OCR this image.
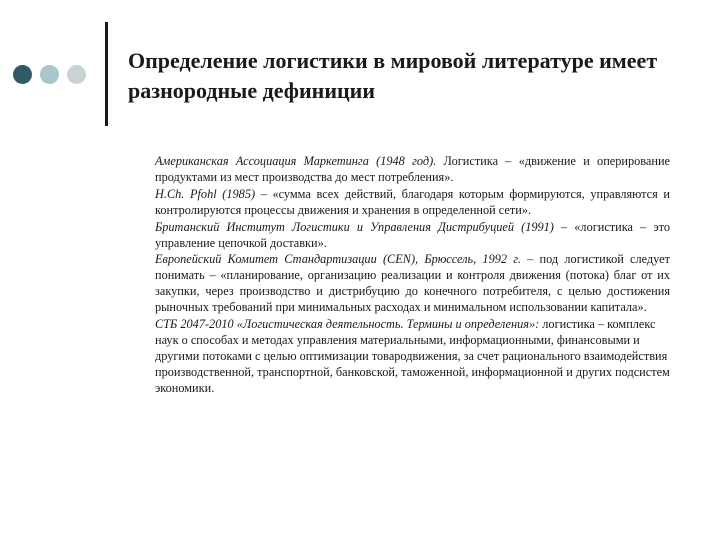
Определение логистики в мировой литературе имеет разнородные дефиниции

Американская Ассоциация Маркетинга (1948 год). Логистика – «движение и оперирование продуктами из мест производства до мест потребления».

H.Ch. Pfohl (1985) – «сумма всех действий, благодаря которым формируются, управляются и контролируются процессы движения и хранения в определенной сети».

Британский Институт Логистики и Управления Дистрибуцией (1991) – «логистика – это управление цепочкой доставки».

Европейский Комитет Стандартизации (CEN), Брюссель, 1992 г. – под логистикой следует понимать – «планирование, организацию реализации и контроля движения (потока) благ от их закупки, через производство и дистрибуцию до конечного потребителя, с целью достижения рыночных требований при минимальных расходах и минимальном использовании капитала».

СТБ 2047-2010 «Логистическая деятельность. Термины и определения»: логистика – комплекс наук о способах и методах управления материальными, информационными, финансовыми и другими потоками с целью оптимизации товародвижения, за счет рационального взаимодействия производственной, транспортной, банковской, таможенной, информационной и других подсистем экономики.
